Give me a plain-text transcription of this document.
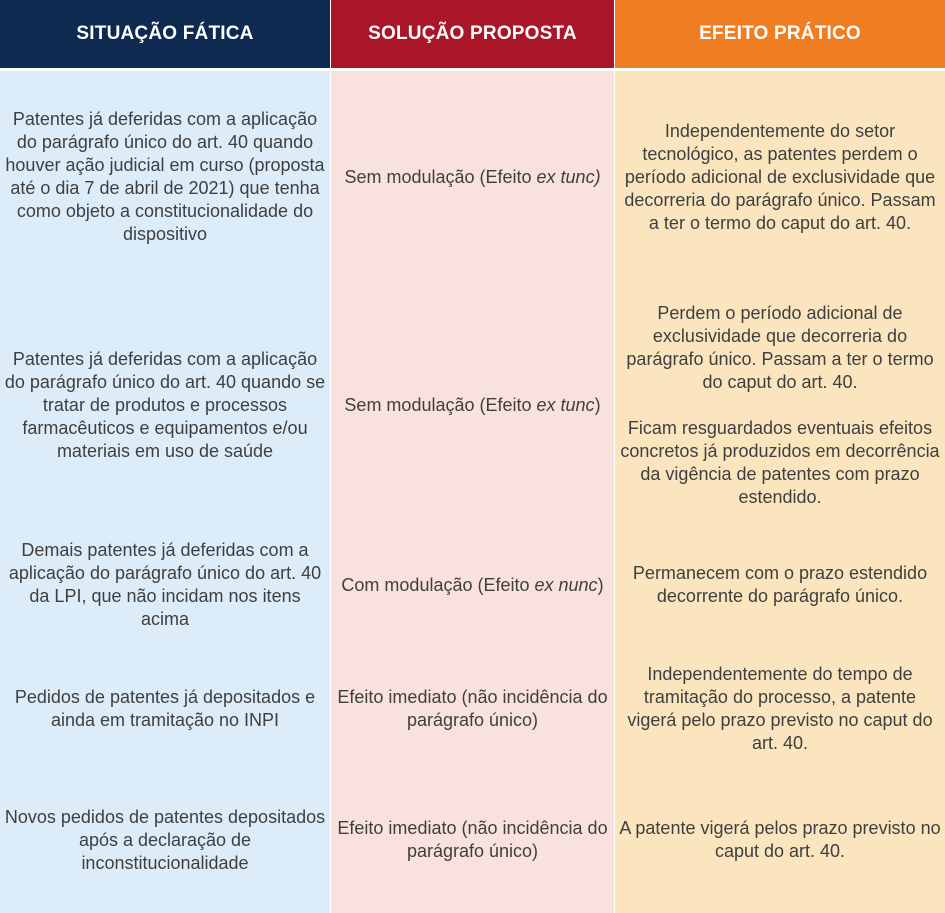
SITUAÇÃO FÁTICA

Patentes já deferidas com a aplicação do parágrafo único do art. 40 quando houver ação judicial em curso (proposta até o dia 7 de abril de 2021) que tenha como objeto a constitucionalidade do dispositivo

Patentes já deferidas com a aplicação do parágrafo único do art. 40 quando se tratar de produtos e processos farmacêuticos e equipamentos e/ou materiais em uso de saúde

Demais patentes já deferidas com a aplicação do parágrafo único do art. 40 da LPI, que não incidam nos itens acima

Pedidos de patentes já depositados e ainda em tramitação no INPI

Novos pedidos de patentes depositados após a declaração de inconstitucionalidade

SOLUÇÃO PROPOSTA

Sem modulação (Efeito ex tunc)

Sem modulação (Efeito ex tunc)

Com modulação (Efeito ex nunc)

Efeito imediato (não incidência do parágrafo único)

Efeito imediato (não incidência do parágrafo único)

EFEITO PRÁTICO

Independentemente do setor tecnológico, as patentes perdem o período adicional de exclusividade que decorreria do parágrafo único. Passam a ter o termo do caput do art. 40.

Perdem o período adicional de exclusividade que decorreria do parágrafo único. Passam a ter o termo do caput do art. 40.

Ficam resguardados eventuais efeitos concretos já produzidos em decorrência da vigência de patentes com prazo estendido.

Permanecem com o prazo estendido decorrente do parágrafo único.

Independentemente do tempo de tramitação do processo, a patente vigerá pelo prazo previsto no caput do art. 40.

A patente vigerá pelos prazo previsto no caput do art. 40.
